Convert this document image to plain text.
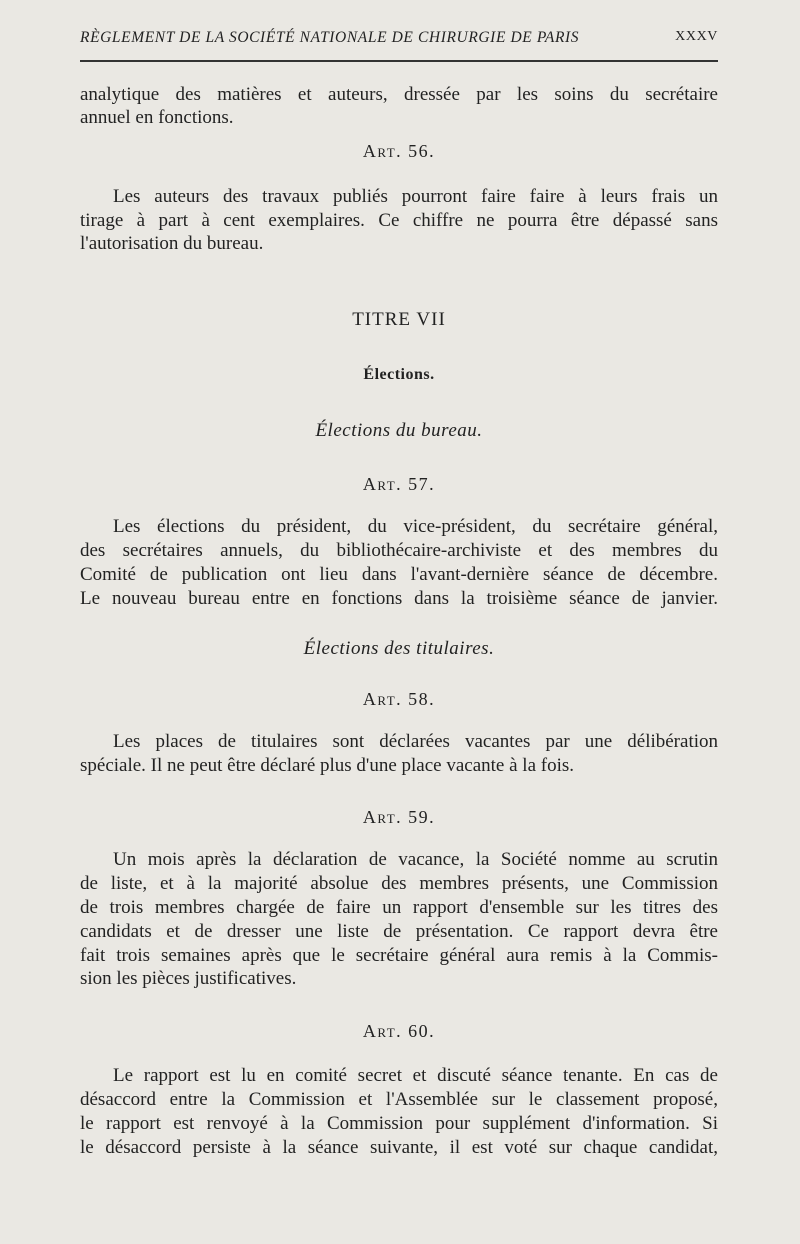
RÈGLEMENT DE LA SOCIÉTÉ NATIONALE DE CHIRURGIE DE PARIS	XXXV
analytique des matières et auteurs, dressée par les soins du secrétaire
annuel en fonctions.
Art. 56.
Les auteurs des travaux publiés pourront faire faire à leurs frais un
tirage à part à cent exemplaires. Ce chiffre ne pourra être dépassé sans
l'autorisation du bureau.
TITRE VII
Élections.
Élections du bureau.
Art. 57.
Les élections du président, du vice-président, du secrétaire général,
des secrétaires annuels, du bibliothécaire-archiviste et des membres du
Comité de publication ont lieu dans l'avant-dernière séance de décembre.
Le nouveau bureau entre en fonctions dans la troisième séance de janvier.
Élections des titulaires.
Art. 58.
Les places de titulaires sont déclarées vacantes par une délibération
spéciale. Il ne peut être déclaré plus d'une place vacante à la fois.
Art. 59.
Un mois après la déclaration de vacance, la Société nomme au scrutin
de liste, et à la majorité absolue des membres présents, une Commission
de trois membres chargée de faire un rapport d'ensemble sur les titres des
candidats et de dresser une liste de présentation. Ce rapport devra être
fait trois semaines après que le secrétaire général aura remis à la Commis-
sion les pièces justificatives.
Art. 60.
Le rapport est lu en comité secret et discuté séance tenante. En cas de
désaccord entre la Commission et l'Assemblée sur le classement proposé,
le rapport est renvoyé à la Commission pour supplément d'information. Si
le désaccord persiste à la séance suivante, il est voté sur chaque candidat,
